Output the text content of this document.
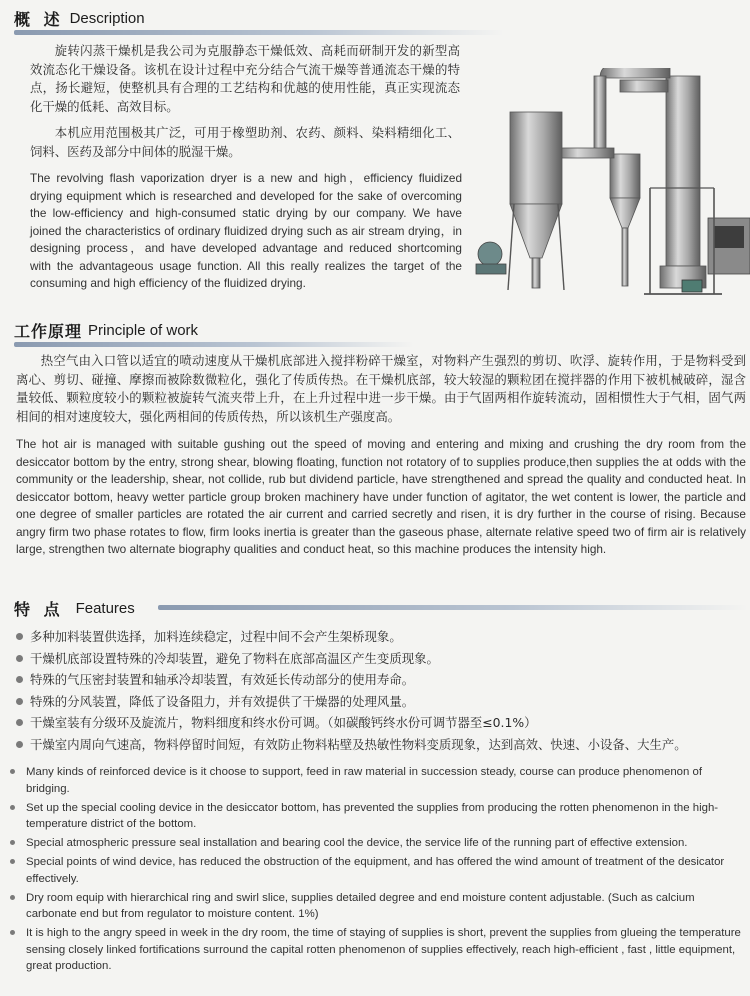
概 述 Description

旋转闪蒸干燥机是我公司为克服静态干燥低效、高耗而研制开发的新型高效流态化干燥设备。该机在设计过程中充分结合气流干燥等普通流态干燥的特点，扬长避短，使整机具有合理的工艺结构和优越的使用性能，真正实现流态化干燥的低耗、高效目标。

本机应用范围极其广泛，可用于橡塑助剂、农药、颜料、染料精细化工、饲料、医药及部分中间体的脱湿干燥。

The revolving flash vaporization dryer is a new and high，efficiency fluidized drying equipment which is researched and developed for the sake of overcoming the low-efficiency and high-consumed static drying by our company. We have joined the characteristics of ordinary fluidized drying such as air stream drying，in designing process，and have developed advantage and reduced shortcoming with the advantageous usage function. All this really realizes the target of the consuming and high efficiency of the fluidized drying.

工作原理 Principle of work

热空气由入口管以适宜的喷动速度从干燥机底部进入搅拌粉碎干燥室，对物料产生强烈的剪切、吹浮、旋转作用，于是物料受到离心、剪切、碰撞、摩擦而被除数微粒化，强化了传质传热。在干燥机底部，较大较湿的颗粒团在搅拌器的作用下被机械破碎，湿含量较低、颗粒度较小的颗粒被旋转气流夹带上升，在上升过程中进一步干燥。由于气固两相作旋转流动，固相惯性大于气相，固气两相间的相对速度较大，强化两相间的传质传热，所以该机生产强度高。

The hot air is managed with suitable gushing out the speed of moving and entering and mixing and crushing the dry room from the desiccator bottom by the entry, strong shear, blowing floating, function not rotatory of to supplies produce,then supplies the at odds with the community or the leadership, shear, not collide, rub but dividend particle, have strengthened and spread the quality and conducted heat. In desiccator bottom, heavy wetter particle group broken machinery have under function of agitator, the wet content is lower, the particle and one degree of smaller particles are rotated the air current and carried secretly and risen, it is dry further in the course of rising. Because angry firm two phase rotates to flow, firm looks inertia is greater than the gaseous phase, alternate relative speed two of firm air is relatively large, strengthen two alternate biography qualities and conduct heat, so this machine produces the intensity high.

特 点 Features
多种加料装置供选择，加料连续稳定，过程中间不会产生架桥现象。
干燥机底部设置特殊的冷却装置，避免了物料在底部高温区产生变质现象。
特殊的气压密封装置和轴承冷却装置，有效延长传动部分的使用寿命。
特殊的分风装置，降低了设备阻力，并有效提供了干燥器的处理风量。
干燥室装有分级环及旋流片，物料细度和终水份可调。（如碳酸钙终水份可调节器至≤0.1%）
干燥室内周向气速高，物料停留时间短，有效防止物料粘壁及热敏性物料变质现象，达到高效、快速、小设备、大生产。
Many kinds of reinforced device is it choose to support, feed in raw material in succession steady, course can produce phenomenon of bridging.
Set up the special cooling device in the desiccator bottom, has prevented the supplies from producing the rotten phenomenon in the high-temperature district of the bottom.
Special atmospheric pressure seal installation and bearing cool the device, the service life of the running part of effective extension.
Special points of wind device, has reduced the obstruction of the equipment, and has offered the wind amount of treatment of the desicator effectively.
Dry room equip with hierarchical ring and swirl slice, supplies detailed degree and end moisture content adjustable. (Such as calcium carbonate end but from regulator to moisture content. 1%)
It is high to the angry speed in week in the dry room, the time of staying of supplies is short, prevent the supplies from glueing the temperature sensing closely linked fortifications surround the capital rotten phenomenon of supplies effectively, reach high-efficient , fast , little equipment, great production.
